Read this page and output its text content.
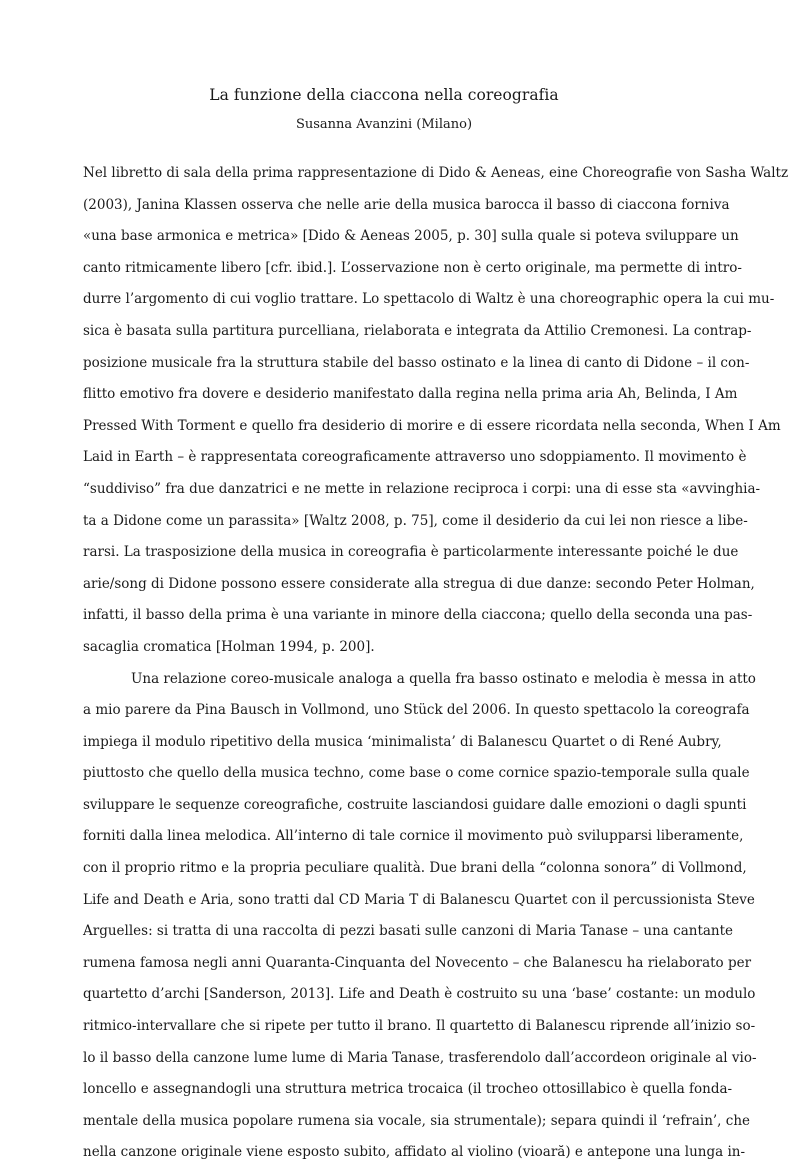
La funzione della ciaccona nella coreografia
Susanna Avanzini (Milano)
Nel libretto di sala della prima rappresentazione di Dido & Aeneas, eine Choreografie von Sasha Waltz
(2003), Janina Klassen osserva che nelle arie della musica barocca il basso di ciaccona forniva
«una base armonica e metrica» [Dido & Aeneas 2005, p. 30] sulla quale si poteva sviluppare un
canto ritmicamente libero [cfr. ibid.]. L’osservazione non è certo originale, ma permette di intro-
durre l’argomento di cui voglio trattare. Lo spettacolo di Waltz è una choreographic opera la cui mu-
sica è basata sulla partitura purcelliana, rielaborata e integrata da Attilio Cremonesi. La contrap-
posizione musicale fra la struttura stabile del basso ostinato e la linea di canto di Didone – il con-
flitto emotivo fra dovere e desiderio manifestato dalla regina nella prima aria Ah, Belinda, I Am
Pressed With Torment e quello fra desiderio di morire e di essere ricordata nella seconda, When I Am
Laid in Earth – è rappresentata coreograficamente attraverso uno sdoppiamento. Il movimento è
“suddiviso” fra due danzatrici e ne mette in relazione reciproca i corpi: una di esse sta «avvinghia-
ta a Didone come un parassita» [Waltz 2008, p. 75], come il desiderio da cui lei non riesce a libe-
rarsi. La trasposizione della musica in coreografia è particolarmente interessante poiché le due
arie/song di Didone possono essere considerate alla stregua di due danze: secondo Peter Holman,
infatti, il basso della prima è una variante in minore della ciaccona; quello della seconda una pas-
sacaglia cromatica [Holman 1994, p. 200].
Una relazione coreo-musicale analoga a quella fra basso ostinato e melodia è messa in atto
a mio parere da Pina Bausch in Vollmond, uno Stück del 2006. In questo spettacolo la coreografa
impiega il modulo ripetitivo della musica ‘minimalista’ di Balanescu Quartet o di René Aubry,
piuttosto che quello della musica techno, come base o come cornice spazio-temporale sulla quale
sviluppare le sequenze coreografiche, costruite lasciandosi guidare dalle emozioni o dagli spunti
forniti dalla linea melodica. All’interno di tale cornice il movimento può svilupparsi liberamente,
con il proprio ritmo e la propria peculiare qualità. Due brani della “colonna sonora” di Vollmond,
Life and Death e Aria, sono tratti dal CD Maria T di Balanescu Quartet con il percussionista Steve
Arguelles: si tratta di una raccolta di pezzi basati sulle canzoni di Maria Tanase – una cantante
rumena famosa negli anni Quaranta-Cinquanta del Novecento – che Balanescu ha rielaborato per
quartetto d’archi [Sanderson, 2013]. Life and Death è costruito su una ‘base’ costante: un modulo
ritmico-intervallare che si ripete per tutto il brano. Il quartetto di Balanescu riprende all’inizio so-
lo il basso della canzone lume lume di Maria Tanase, trasferendolo dall’accordeon originale al vio-
loncello e assegnandogli una struttura metrica trocaica (il trocheo ottosillabico è quella fonda-
mentale della musica popolare rumena sia vocale, sia strumentale); separa quindi il ‘refrain’, che
nella canzone originale viene esposto subito, affidato al violino (vioară) e antepone una lunga in-
